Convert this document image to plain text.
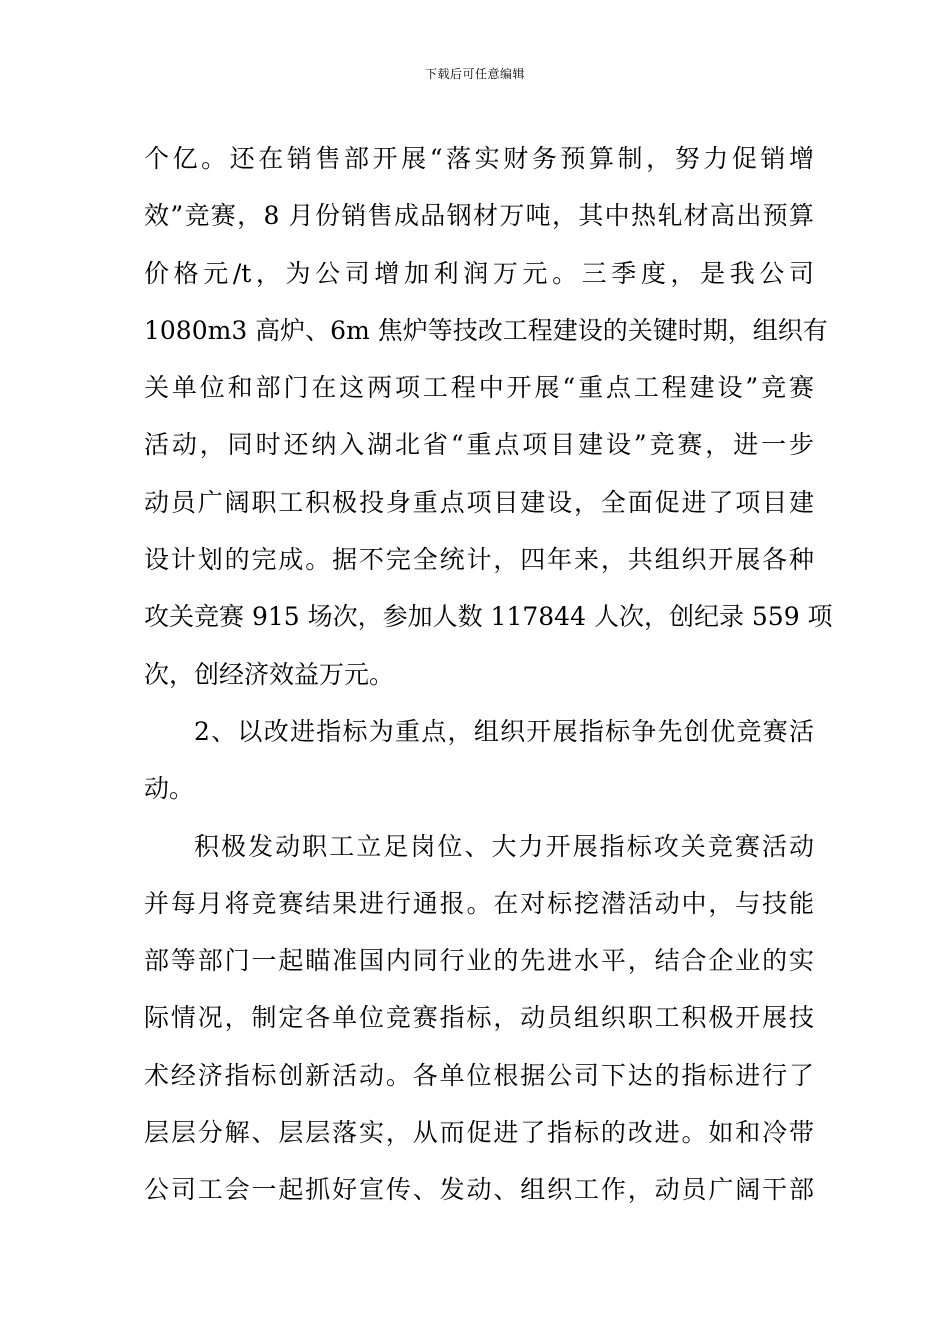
下载后可任意编辑
个亿。还在销售部开展“落实财务预算制，努力促销增
效”竞赛，8 月份销售成品钢材万吨，其中热轧材高出预算
价格元/t，为公司增加利润万元。三季度，是我公司
1080m3 高炉、6m 焦炉等技改工程建设的关键时期，组织有
关单位和部门在这两项工程中开展“重点工程建设”竞赛
活动，同时还纳入湖北省“重点项目建设”竞赛，进一步
动员广阔职工积极投身重点项目建设，全面促进了项目建
设计划的完成。据不完全统计，四年来，共组织开展各种
攻关竞赛 915 场次，参加人数 117844 人次，创纪录 559 项
次，创经济效益万元。
2、以改进指标为重点，组织开展指标争先创优竞赛活
动。
积极发动职工立足岗位、大力开展指标攻关竞赛活动
并每月将竞赛结果进行通报。在对标挖潜活动中，与技能
部等部门一起瞄准国内同行业的先进水平，结合企业的实
际情况，制定各单位竞赛指标，动员组织职工积极开展技
术经济指标创新活动。各单位根据公司下达的指标进行了
层层分解、层层落实，从而促进了指标的改进。如和冷带
公司工会一起抓好宣传、发动、组织工作，动员广阔干部
